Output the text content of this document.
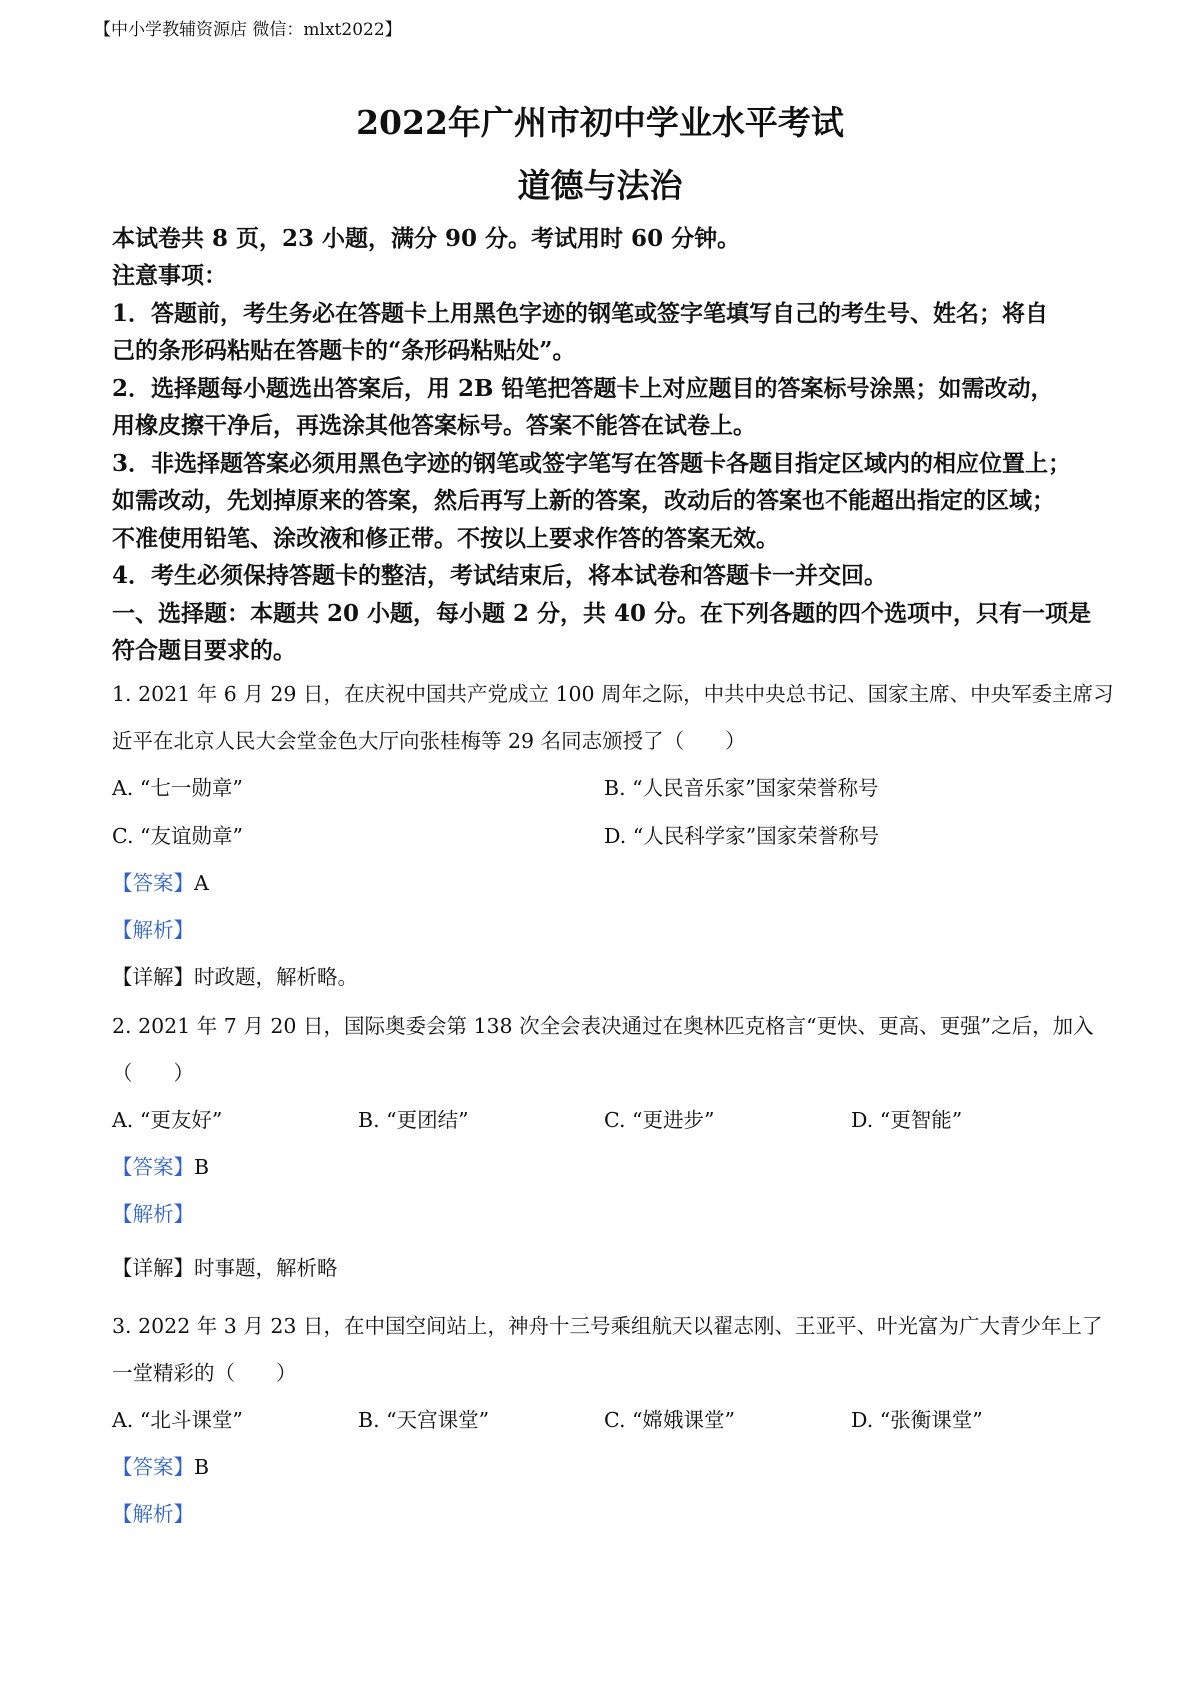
【中小学教辅资源店 微信：mlxt2022】
2022年广州市初中学业水平考试
道德与法治
本试卷共 8 页，23 小题，满分 90 分。考试用时 60 分钟。
注意事项：
1．答题前，考生务必在答题卡上用黑色字迹的钢笔或签字笔填写自己的考生号、姓名；将自
己的条形码粘贴在答题卡的“条形码粘贴处”。
2．选择题每小题选出答案后，用 2B 铅笔把答题卡上对应题目的答案标号涂黑；如需改动，
用橡皮擦干净后，再选涂其他答案标号。答案不能答在试卷上。
3．非选择题答案必须用黑色字迹的钢笔或签字笔写在答题卡各题目指定区域内的相应位置上；
如需改动，先划掉原来的答案，然后再写上新的答案，改动后的答案也不能超出指定的区域；
不准使用铅笔、涂改液和修正带。不按以上要求作答的答案无效。
4．考生必须保持答题卡的整洁，考试结束后，将本试卷和答题卡一并交回。
一、选择题：本题共 20 小题，每小题 2 分，共 40 分。在下列各题的四个选项中，只有一项是
符合题目要求的。
1. 2021 年 6 月 29 日，在庆祝中国共产党成立 100 周年之际，中共中央总书记、国家主席、中央军委主席习
近平在北京人民大会堂金色大厅向张桂梅等 29 名同志颁授了（　　）
A. “七一勋章”	B. “人民音乐家”国家荣誉称号
C. “友谊勋章”	D. “人民科学家”国家荣誉称号
【答案】A
【解析】
【详解】时政题，解析略。
2. 2021 年 7 月 20 日，国际奥委会第 138 次全会表决通过在奥林匹克格言“更快、更高、更强”之后，加入
（　　）
A. “更友好”	B. “更团结”	C. “更进步”	D. “更智能”
【答案】B
【解析】
【详解】时事题，解析略
3. 2022 年 3 月 23 日，在中国空间站上，神舟十三号乘组航天以翟志刚、王亚平、叶光富为广大青少年上了
一堂精彩的（　　）
A. “北斗课堂”	B. “天宫课堂”	C. “嫦娥课堂”	D. “张衡课堂”
【答案】B
【解析】
